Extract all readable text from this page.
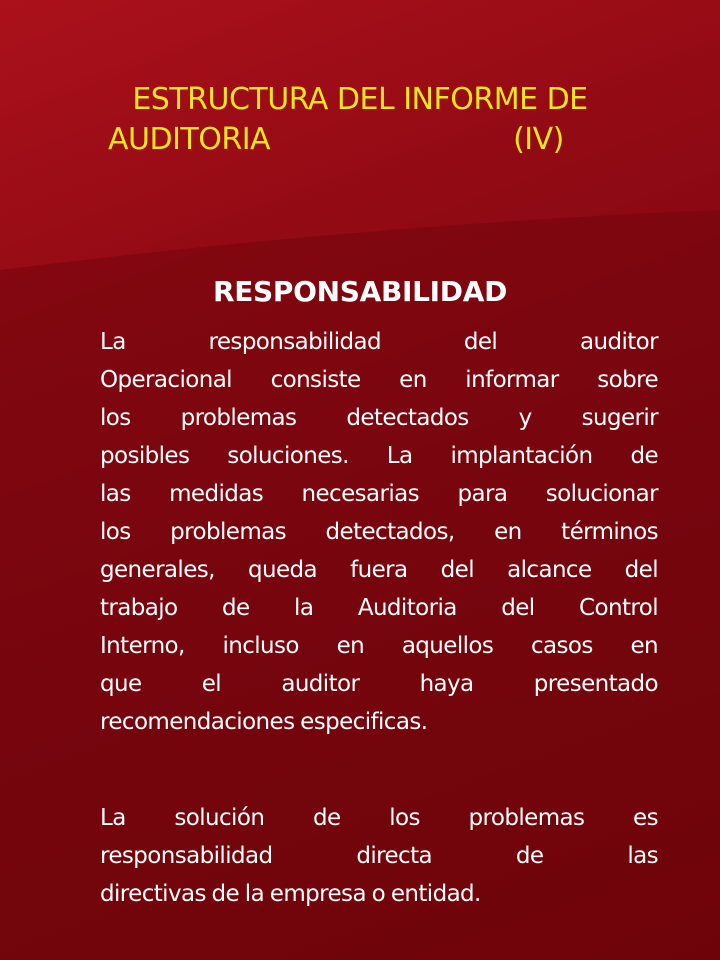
ESTRUCTURA DEL INFORME DE
AUDITORIA	(IV)
RESPONSABILIDAD
La responsabilidad del auditor
Operacional consiste en informar sobre
los problemas detectados y sugerir
posibles soluciones. La implantación de
las medidas necesarias para solucionar
los problemas detectados, en términos
generales, queda fuera del alcance del
trabajo de la Auditoria del Control
Interno, incluso en aquellos casos en
que el auditor haya presentado
recomendaciones especificas.
La solución de los problemas es
responsabilidad directa de las
directivas de la empresa o entidad.
